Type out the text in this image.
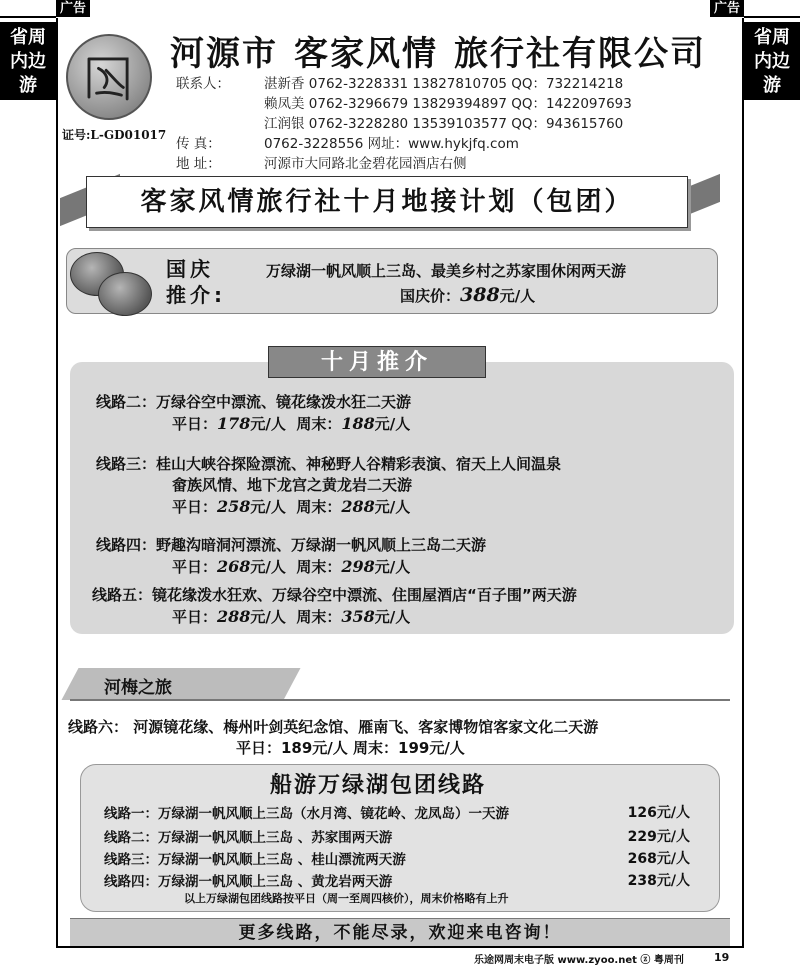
广告	广告
省周
内边
游
省周
内边
游
河源市 客家风情 旅行社有限公司
联系人：	湛新香 0762-3228331 13827810705 QQ：732214218
赖凤美 0762-3296679 13829394897 QQ：1422097693
江润银 0762-3228280 13539103577 QQ：943615760
传 真：	0762-3228556 网址：www.hykjfq.com
地 址：	河源市大同路北金碧花园酒店右侧
证号:L-GD01017
客家风情旅行社十月地接计划（包团）
国庆
推介:
万绿湖一帆风顺上三岛、最美乡村之苏家围休闲两天游
国庆价：388元/人
十月推介
线路二：万绿谷空中漂流、镜花缘泼水狂二天游
平日：178元/人 周末：188元/人
线路三：桂山大峡谷探险漂流、神秘野人谷精彩表演、宿天上人间温泉
畲族风情、地下龙宫之黄龙岩二天游
平日：258元/人 周末：288元/人
线路四：野趣沟暗洞河漂流、万绿湖一帆风顺上三岛二天游
平日：268元/人 周末：298元/人
线路五：镜花缘泼水狂欢、万绿谷空中漂流、住围屋酒店“百子围”两天游
平日：288元/人 周末：358元/人
河梅之旅
线路六： 河源镜花缘、梅州叶剑英纪念馆、雁南飞、客家博物馆客家文化二天游
平日：189元/人 周末：199元/人
船游万绿湖包团线路
线路一：万绿湖一帆风顺上三岛（水月湾、镜花岭、龙凤岛）一天游	126元/人
线路二：万绿湖一帆风顺上三岛 、苏家围两天游	229元/人
线路三：万绿湖一帆风顺上三岛 、桂山漂流两天游	268元/人
线路四：万绿湖一帆风顺上三岛 、黄龙岩两天游	238元/人
以上万绿湖包团线路按平日（周一至周四核价），周末价格略有上升
更多线路，不能尽录，欢迎来电咨询！
乐途网周末电子版 www.zyoo.net ⓩ 粤周刊	19
